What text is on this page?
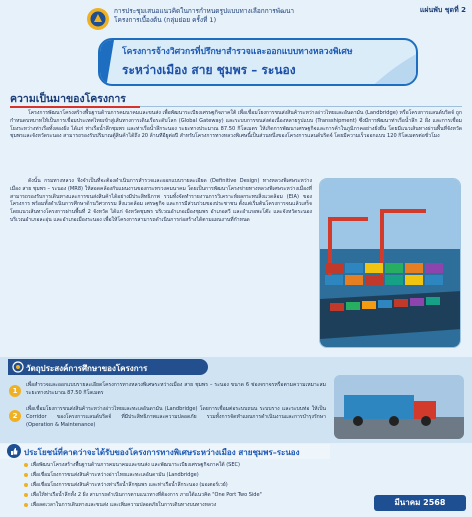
การประชุมเสนอแนวคิดในการกำหนดรูปแบบทางเลือกการพัฒนา
โครงการเบื้องต้น (กลุ่มย่อย ครั้งที่ 1)
แผ่นพับ ชุดที่ 2
โครงการจ้างวิศวกรที่ปรึกษาสำรวจและออกแบบทางหลวงพิเศษ
ระหว่างเมือง สาย ชุมพร – ระนอง
ความเป็นมาของโครงการ

โครงการพัฒนาโครงสร้างพื้นฐานด้านการคมนาคมและขนส่ง เพื่อพัฒนาระเบียงเศรษฐกิจภาคใต้ เพื่อเชื่อมโยงการขนส่งสินค้าระหว่างอ่าวไทยและอันดามัน (Landbridge) หรือโครงการแลนด์บริดจ์ ถูกกำหนดบทบาทให้เป็นการเชื่อมประเทศไทยเข้าสู่เส้นทางการเดินเรือระดับโลก (Global Gateway) และระบบการขนส่งต่อเนื่องหลายรูปแบบ (Transshipment) ซึ่งมีการพัฒนาท่าเรือน้ำลึก 2 ฝั่ง และการเชื่อมโยงระหว่างท่าเรือทั้งสองฝั่ง ได้แก่ ท่าเรือน้ำลึกชุมพร และท่าเรือน้ำลึกระนอง ระยะทางประมาณ 87.50 กิโลเมตร ให้เกิดการพัฒนาเศรษฐกิจและการค้าในภูมิภาคอย่างยั่งยืน โดยมีแนวเส้นทางผ่านพื้นที่จังหวัดชุมพรและจังหวัดระนอง สามารถรองรับปริมาณตู้สินค้าได้ถึง 20 ล้านทีอียูต่อปี สำหรับโครงการทางหลวงพิเศษนี้เป็นส่วนหนึ่งของโครงการแลนด์บริดจ์ โดยมีความเร็วออกแบบ 120 กิโลเมตรต่อชั่วโมง

ดังนั้น กรมทางหลวง จึงจำเป็นที่จะต้องดำเนินการสำรวจและออกแบบรายละเอียด (Definitive Design) ทางหลวงพิเศษระหว่างเมือง สาย ชุมพร – ระนอง (MR8) ให้สอดคล้องกับแผนงานของกระทรวงคมนาคม โดยเป็นการพัฒนาโครงข่ายทางหลวงพิเศษระหว่างเมืองที่สามารถรองรับการเดินทางและการขนส่งสินค้าได้อย่างมีประสิทธิภาพ รวมทั้งจัดทำรายงานการวิเคราะห์ผลกระทบสิ่งแวดล้อม (EIA) ของโครงการ พร้อมทั้งดำเนินการศึกษาด้านวิศวกรรม สิ่งแวดล้อม เศรษฐกิจ และการมีส่วนร่วมของประชาชน ตั้งแต่เริ่มต้นโครงการจนแล้วเสร็จ โดยแนวเส้นทางโครงการผ่านพื้นที่ 2 จังหวัด ได้แก่ จังหวัดชุมพร บริเวณอำเภอเมืองชุมพร อำเภอสวี และอำเภอพะโต๊ะ และจังหวัดระนอง บริเวณอำเภอละอุ่น และอำเภอเมืองระนอง เพื่อให้โครงการสามารถดำเนินการก่อสร้างได้ตามแผนงานที่กำหนด

วัตถุประสงค์การศึกษาของโครงการ
1

เพื่อสำรวจและออกแบบรายละเอียดโครงการทางหลวงพิเศษระหว่างเมือง สาย ชุมพร – ระนอง ขนาด 6 ช่องจราจรหรือตามความเหมาะสม ระยะทางประมาณ 87.50 กิโลเมตร

2

เพื่อเชื่อมโยงการขนส่งสินค้าระหว่างอ่าวไทยและทะเลอันดามัน (Landbridge) โดยการเชื่อมต่อระบบถนน ระบบราง และระบบท่อ ให้เป็น Corridor ของโครงการแลนด์บริดจ์ ที่มีประสิทธิภาพและความปลอดภัย รวมทั้งการจัดทำแผนการดำเนินงานและการบำรุงรักษา (Operation & Maintenance)

ประโยชน์ที่คาดว่าจะได้รับของโครงการทางพิเศษระหว่างเมือง สายชุมพร–ระนอง
เพื่อพัฒนาโครงสร้างพื้นฐานด้านการคมนาคมและขนส่ง และพัฒนาระเบียงเศรษฐกิจภาคใต้ (SEC)
เพื่อเชื่อมโยงการขนส่งสินค้าระหว่างอ่าวไทยและทะเลอันดามัน (Landbridge)
เพื่อเชื่อมโยงการขนส่งสินค้าระหว่างท่าเรือน้ำลึกชุมพร และท่าเรือน้ำลึกระนอง (มอเตอร์เวย์)
เพื่อให้ท่าเรือน้ำลึกทั้ง 2 ฝั่ง สามารถดำเนินการตามแนวทางที่ต้องการ ภายใต้แนวคิด "One Port Two Side"
เพื่อลดเวลาในการเดินทางและขนส่ง และเพิ่มความปลอดภัยในการเดินทางบนทางหลวง	มีนาคม 2568
